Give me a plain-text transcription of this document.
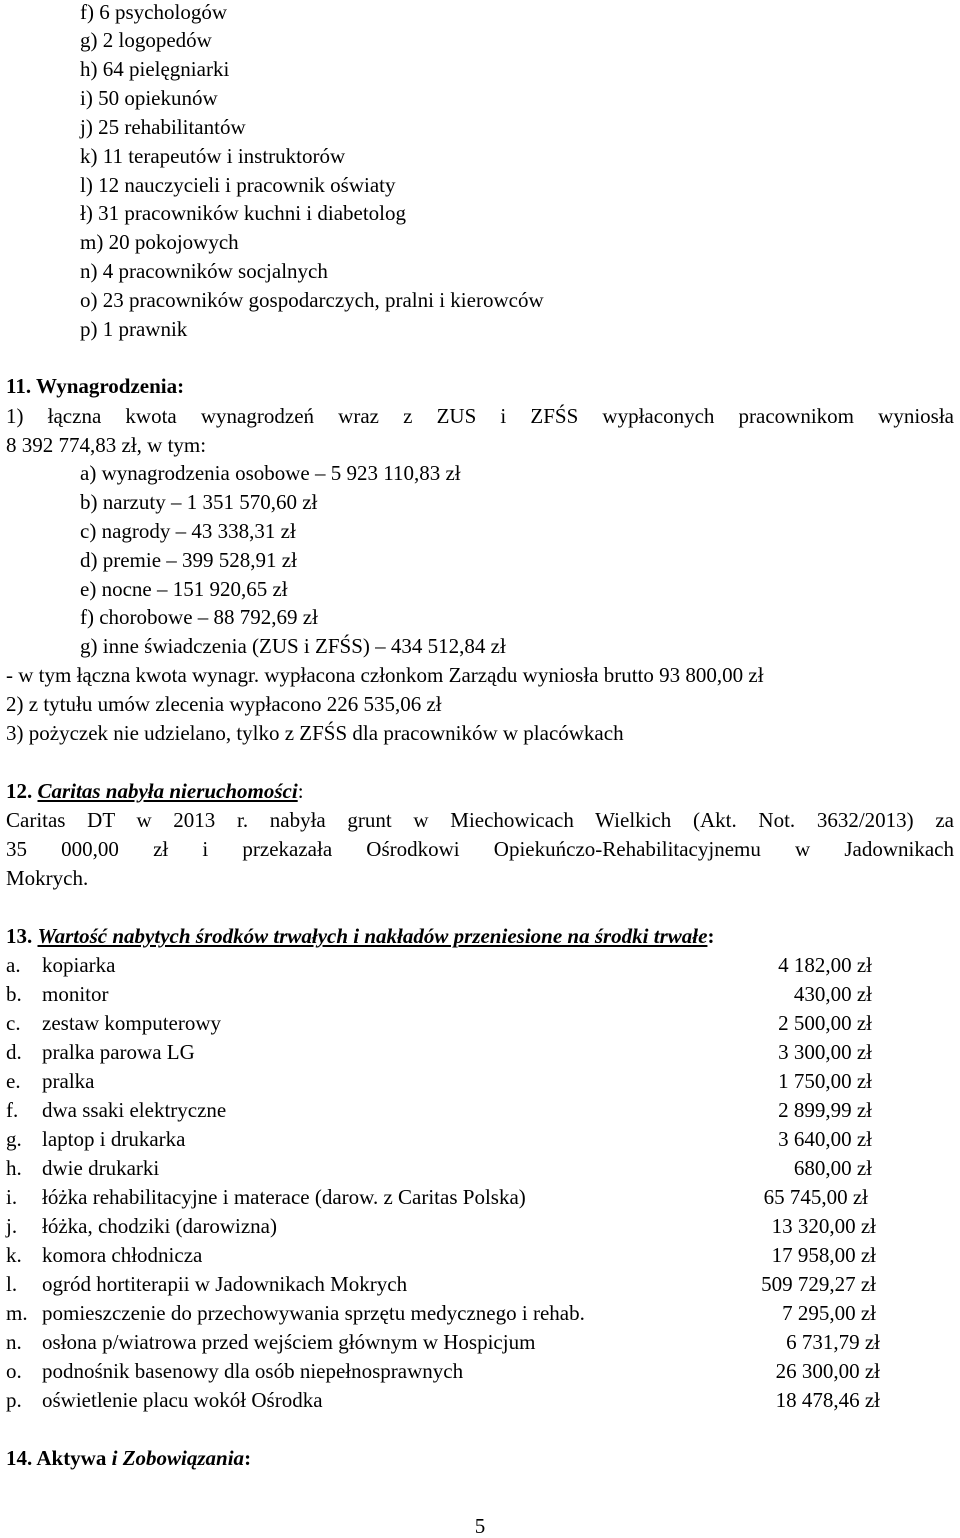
f) 6 psychologów
g) 2 logopedów
h) 64 pielęgniarki
i) 50 opiekunów
j) 25 rehabilitantów
k) 11 terapeutów i instruktorów
l) 12 nauczycieli i pracownik oświaty
ł) 31 pracowników kuchni i diabetolog
m) 20 pokojowych
n) 4 pracowników socjalnych
o) 23 pracowników gospodarczych, pralni i kierowców
p) 1 prawnik
11. Wynagrodzenia:
1) łączna kwota wynagrodzeń wraz z ZUS i ZFŚS wypłaconych pracownikom wyniosła
8 392 774,83 zł, w tym:
a) wynagrodzenia osobowe – 5 923 110,83 zł
b) narzuty – 1 351 570,60 zł
c) nagrody – 43 338,31 zł
d) premie – 399 528,91 zł
e) nocne – 151 920,65 zł
f) chorobowe – 88 792,69 zł
g) inne świadczenia (ZUS i ZFŚS) – 434 512,84 zł
- w tym łączna kwota wynagr. wypłacona członkom Zarządu wyniosła brutto 93 800,00 zł
2) z tytułu umów zlecenia wypłacono 226 535,06 zł
3) pożyczek nie udzielano, tylko z ZFŚS dla pracowników w placówkach
12. Caritas nabyła nieruchomości:
Caritas DT w 2013 r. nabyła grunt w Miechowicach Wielkich (Akt. Not. 3632/2013) za
35 000,00 zł i przekazała Ośrodkowi Opiekuńczo-Rehabilitacyjnemu w Jadownikach
Mokrych.
13. Wartość nabytych środków trwałych i nakładów przeniesione na środki trwałe:
a. kopiarka	4 182,00 zł
b. monitor	430,00 zł
c. zestaw komputerowy	2 500,00 zł
d. pralka parowa LG	3 300,00 zł
e. pralka	1 750,00 zł
f. dwa ssaki elektryczne	2 899,99 zł
g. laptop i drukarka	3 640,00 zł
h. dwie drukarki	680,00 zł
i. łóżka rehabilitacyjne i materace (darow. z Caritas Polska)	65 745,00 zł
j. łóżka, chodziki (darowizna)	13 320,00 zł
k. komora chłodnicza	17 958,00 zł
l. ogród hortiterapii w Jadownikach Mokrych	509 729,27 zł
m. pomieszczenie do przechowywania sprzętu medycznego i rehab.	7 295,00 zł
n. osłona p/wiatrowa przed wejściem głównym w Hospicjum	6 731,79 zł
o. podnośnik basenowy dla osób niepełnosprawnych	26 300,00 zł
p. oświetlenie placu wokół Ośrodka	18 478,46 zł
14. Aktywa i Zobowiązania:
5
